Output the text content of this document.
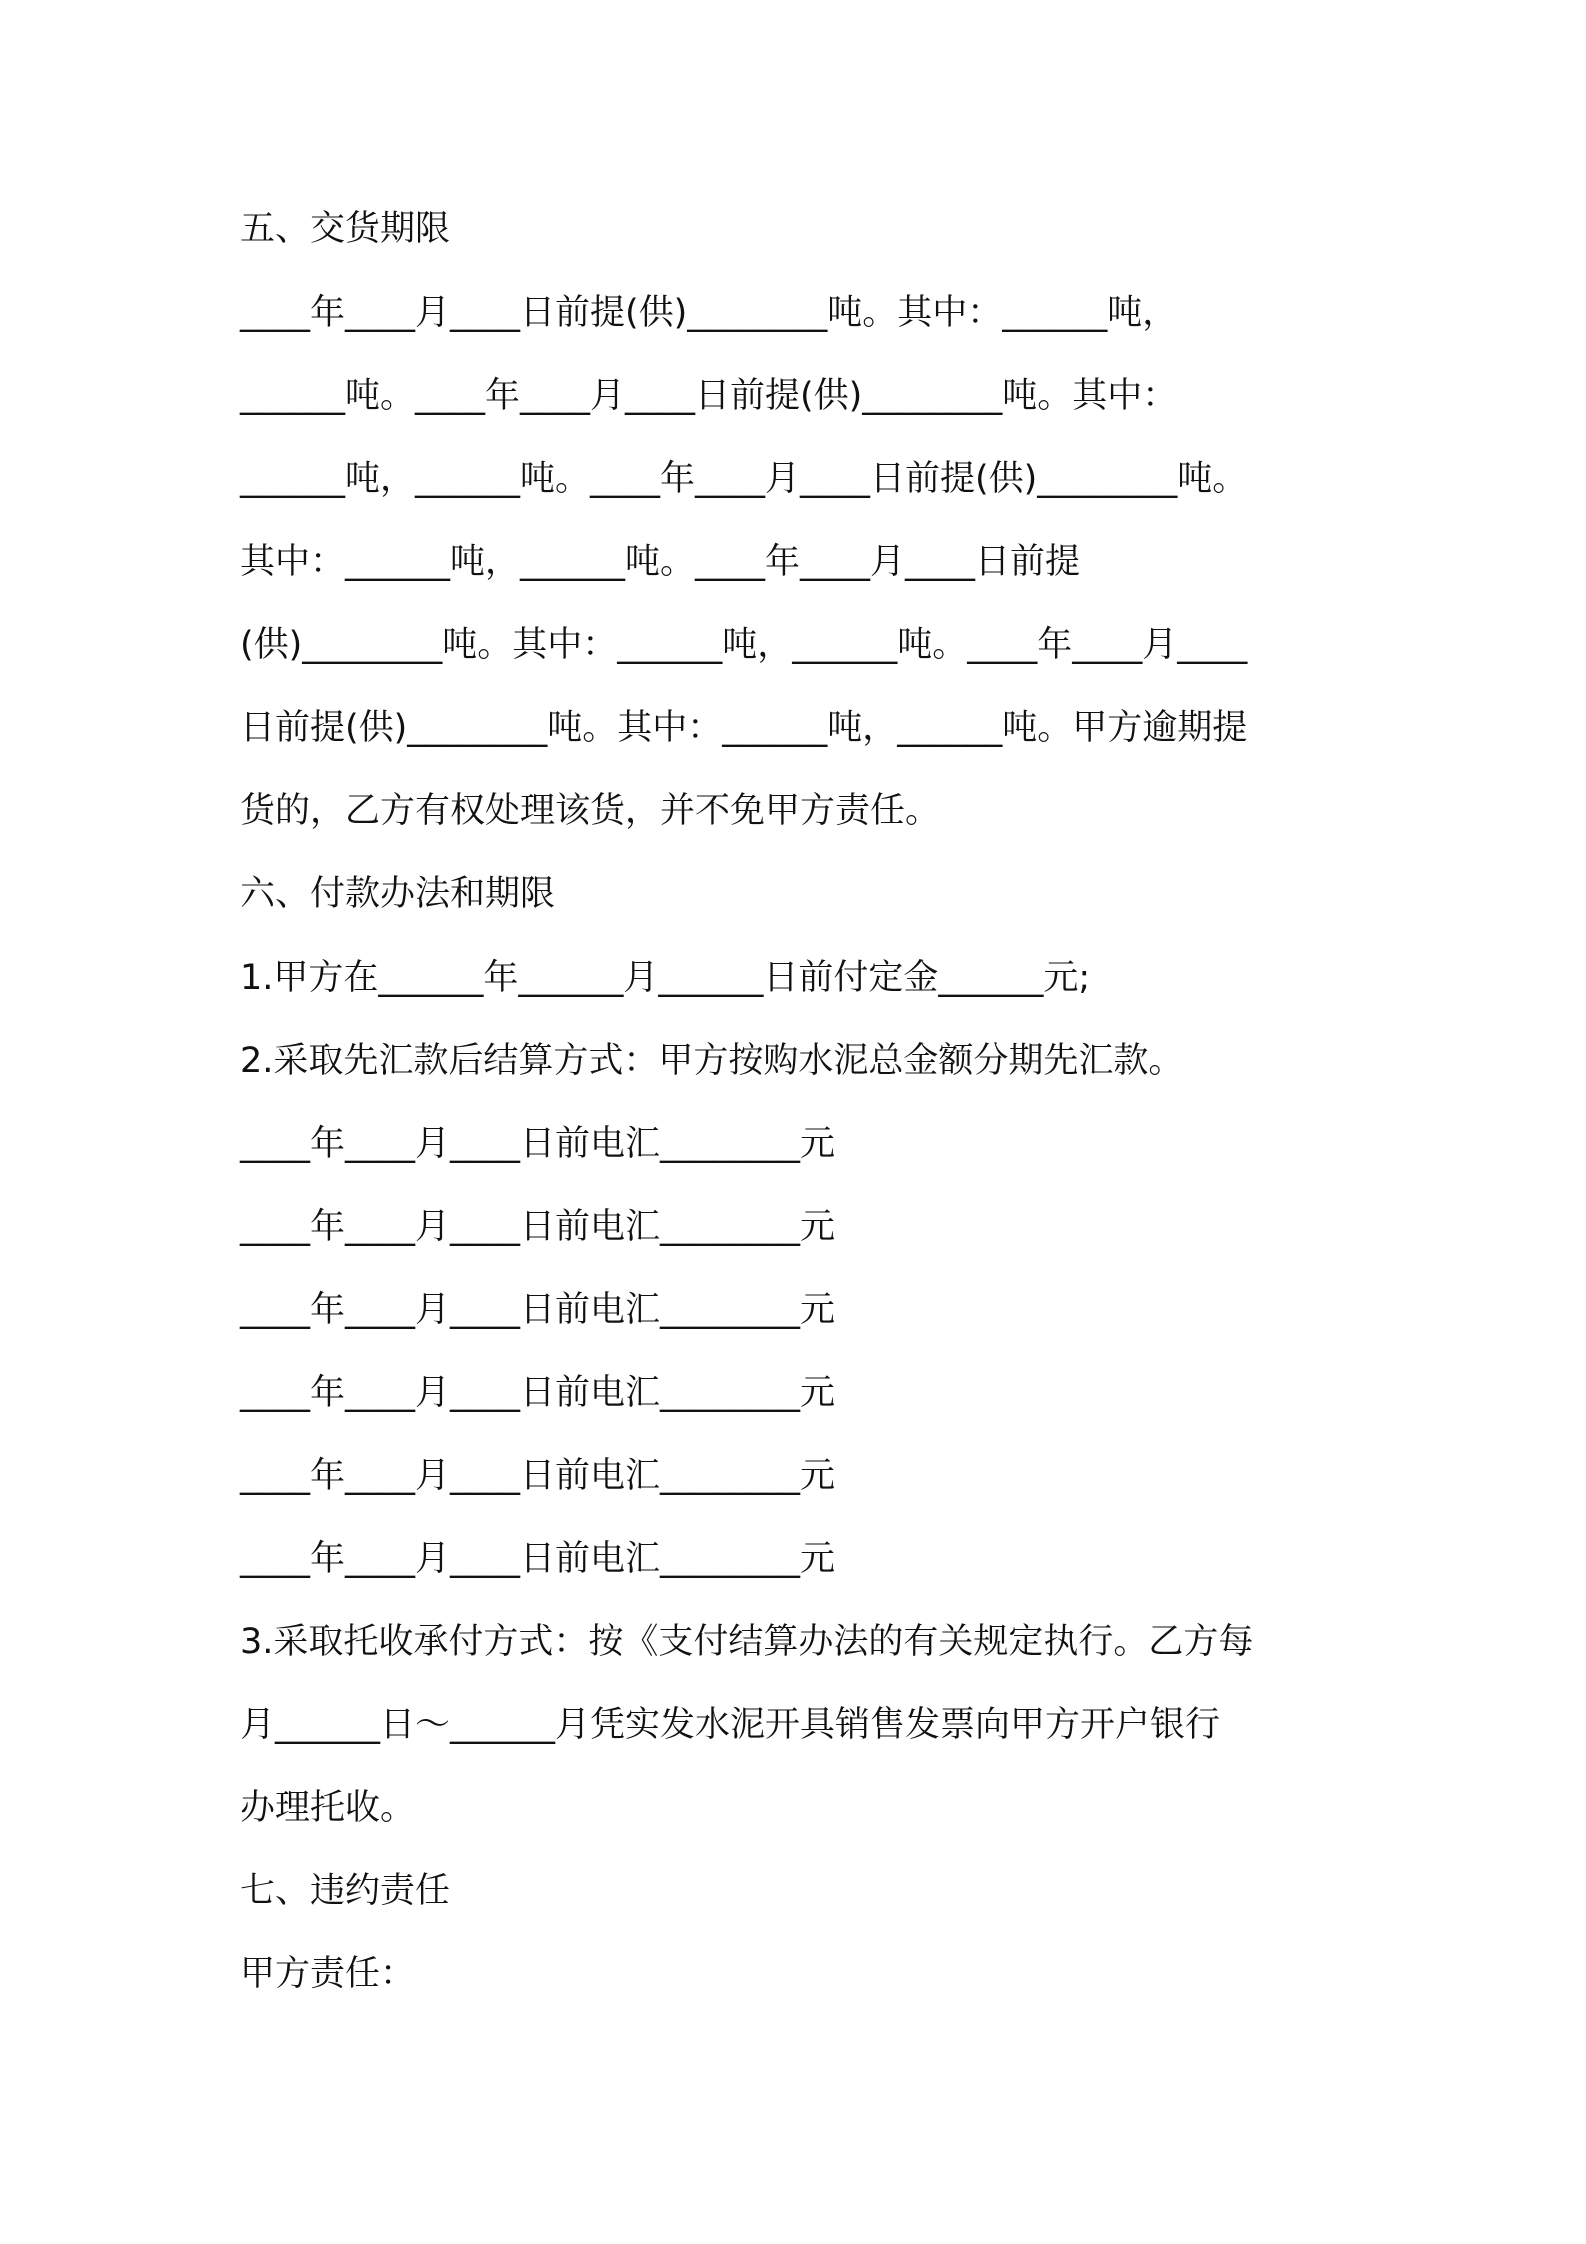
五、交货期限
____年____月____日前提(供)________吨。其中：______吨，
______吨。____年____月____日前提(供)________吨。其中：
______吨，______吨。____年____月____日前提(供)________吨。
其中：______吨，______吨。____年____月____日前提
(供)________吨。其中：______吨，______吨。____年____月____
日前提(供)________吨。其中：______吨，______吨。甲方逾期提
货的，乙方有权处理该货，并不免甲方责任。
六、付款办法和期限
1.甲方在______年______月______日前付定金______元;
2.采取先汇款后结算方式：甲方按购水泥总金额分期先汇款。
____年____月____日前电汇________元
____年____月____日前电汇________元
____年____月____日前电汇________元
____年____月____日前电汇________元
____年____月____日前电汇________元
____年____月____日前电汇________元
3.采取托收承付方式：按《支付结算办法的有关规定执行。乙方每
月______日～______月凭实发水泥开具销售发票向甲方开户银行
办理托收。
七、违约责任
甲方责任：
